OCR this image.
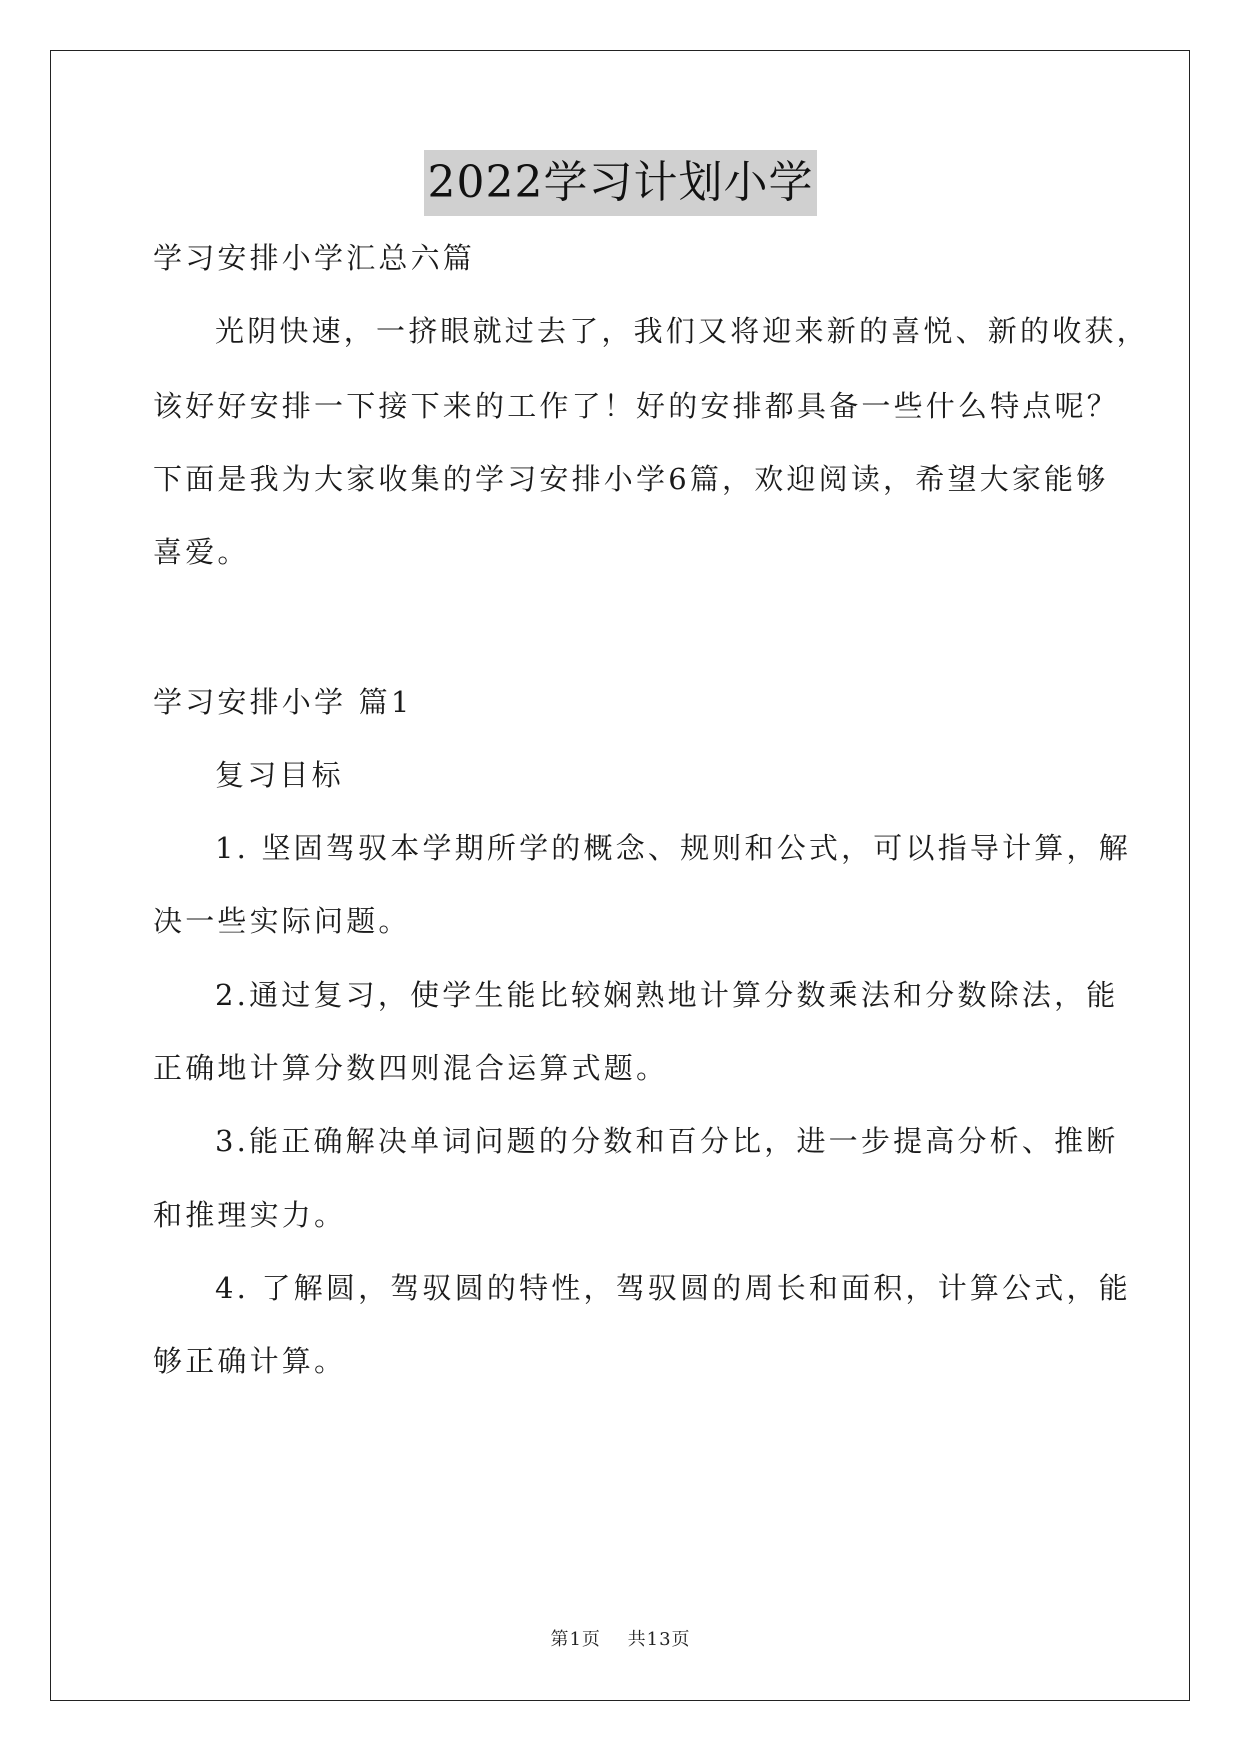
2022学习计划小学
学习安排小学汇总六篇
光阴快速，一挤眼就过去了，我们又将迎来新的喜悦、新的收获，
该好好安排一下接下来的工作了！好的安排都具备一些什么特点呢？
下面是我为大家收集的学习安排小学6篇，欢迎阅读，希望大家能够
喜爱。
学习安排小学 篇1
复习目标
1. 坚固驾驭本学期所学的概念、规则和公式，可以指导计算，解
决一些实际问题。
2.通过复习，使学生能比较娴熟地计算分数乘法和分数除法，能
正确地计算分数四则混合运算式题。
3.能正确解决单词问题的分数和百分比，进一步提高分析、推断
和推理实力。
4. 了解圆，驾驭圆的特性，驾驭圆的周长和面积，计算公式，能
够正确计算。
第1页 共13页
